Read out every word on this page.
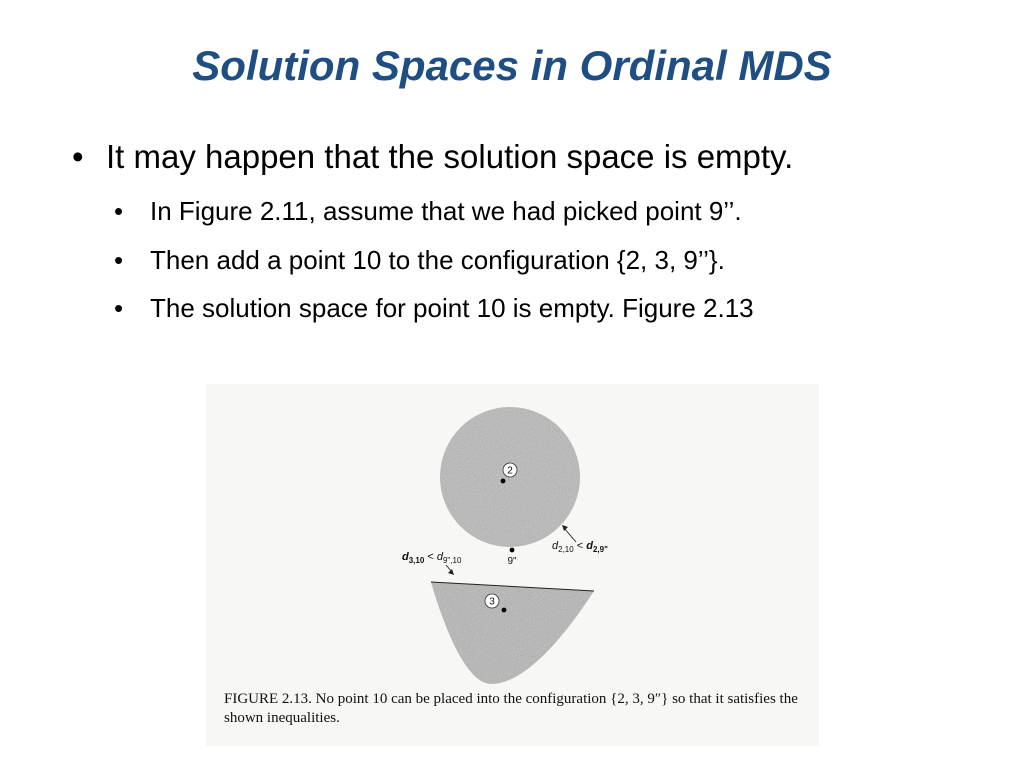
Solution Spaces in Ordinal MDS
• It may happen that the solution space is empty.
• In Figure 2.11, assume that we had picked point 9’’.
• Then add a point 10 to the configuration {2, 3, 9’’}.
• The solution space for point 10 is empty. Figure 2.13
2
3
9"
$d_{2,10} < d_{2,9"}$
$d_{3,10} < d_{9",10}$
FIGURE 2.13. No point 10 can be placed into the configuration {2, 3, 9″} so that it satisfies the shown inequalities.
